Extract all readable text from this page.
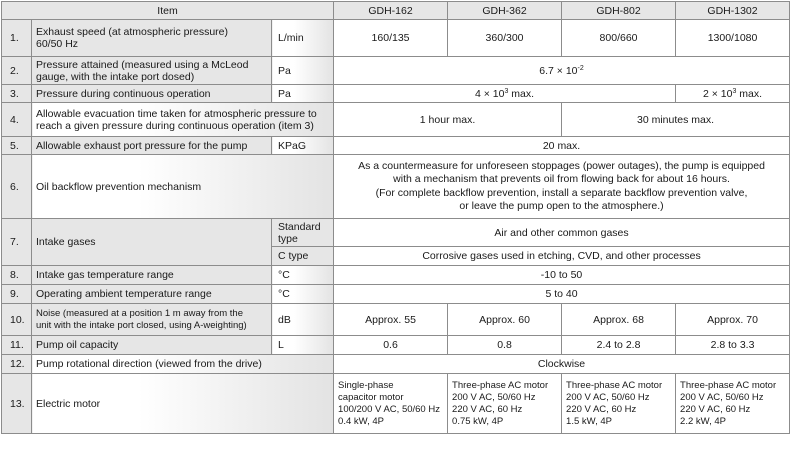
Item			GDH-162	GDH-362	GDH-802	GDH-1302
1.	Exhaust speed (at atmospheric pressure)
60/50 Hz	L/min	160/135	360/300	800/660	1300/1080
2.	Pressure attained (measured using a McLeod
gauge, with the intake port dosed)	Pa	$6.7 \times 10^{-2}$
3.	Pressure during continuous operation	Pa	$4 \times 10^3$ max.			$2 \times 10^3$ max.
4.	Allowable evacuation time taken for atmospheric pressure to
reach a given pressure during continuous operation (item 3)		1 hour max.		30 minutes max.	
5.	Allowable exhaust port pressure for the pump	KPaG	20 max.			
6.	Oil backflow prevention mechanism		As a countermeasure for unforeseen stoppages (power outages), the pump is equipped
with a mechanism that prevents oil from flowing back for about 16 hours.
(For complete backflow prevention, install a separate backflow prevention valve,
or leave the pump open to the atmosphere.)			

7.	Intake gases	Standard type	Air and other common gases			
		C type	Corrosive gases used in etching, CVD, and other processes			
8.	Intake gas temperature range	°C	-10 to 50			
9.	Operating ambient temperature range	°C	5 to 40			
10.	Noise (measured at a position 1 m away from the
unit with the intake port closed, using A-weighting)	dB	Approx. 55	Approx. 60	Approx. 68	Approx. 70
11.	Pump oil capacity	L	0.6	0.8	2.4 to 2.8	2.8 to 3.3
12.	Pump rotational direction (viewed from the drive)		Clockwise			
13.	Electric motor		Single-phase
capacitor motor
100/200 V AC, 50/60 Hz
0.4 kW, 4P	Three-phase AC motor
200 V AC, 50/60 Hz
220 V AC, 60 Hz
0.75 kW, 4P	Three-phase AC motor
200 V AC, 50/60 Hz
220 V AC, 60 Hz
1.5 kW, 4P	Three-phase AC motor
200 V AC, 50/60 Hz
220 V AC, 60 Hz
2.2 kW, 4P
